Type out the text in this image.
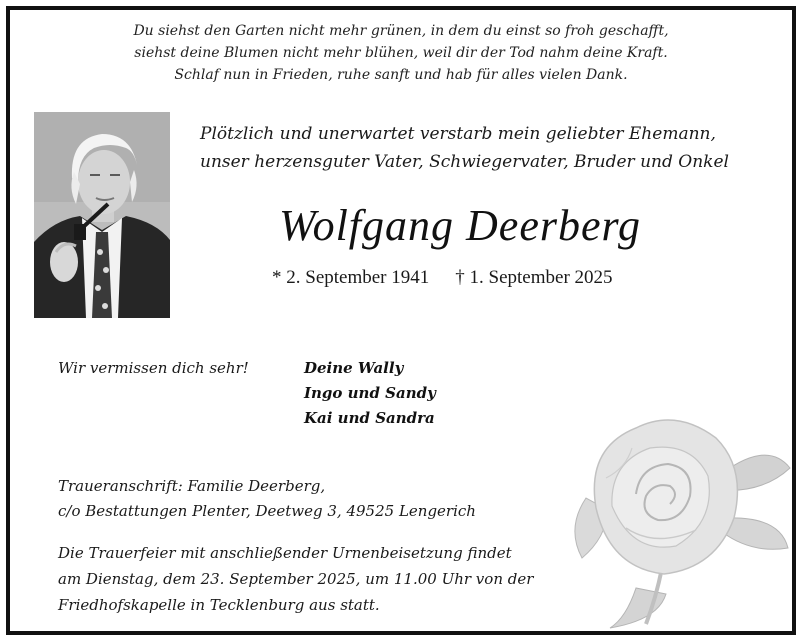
Du siehst den Garten nicht mehr grünen, in dem du einst so froh geschafft,
siehst deine Blumen nicht mehr blühen, weil dir der Tod nahm deine Kraft.
Schlaf nun in Frieden, ruhe sanft und hab für alles vielen Dank.
Plötzlich und unerwartet verstarb mein geliebter Ehemann,
unser herzensguter Vater, Schwiegervater, Bruder und Onkel
Wolfgang Deerberg
* 2. September 1941 † 1. September 2025
Wir vermissen dich sehr!	Deine Wally
Ingo und Sandy
Kai und Sandra
Traueranschrift: Familie Deerberg,
c/o Bestattungen Plenter, Deetweg 3, 49525 Lengerich
Die Trauerfeier mit anschließender Urnenbeisetzung findet
am Dienstag, dem 23. September 2025, um 11.00 Uhr von der
Friedhofskapelle in Tecklenburg aus statt.
